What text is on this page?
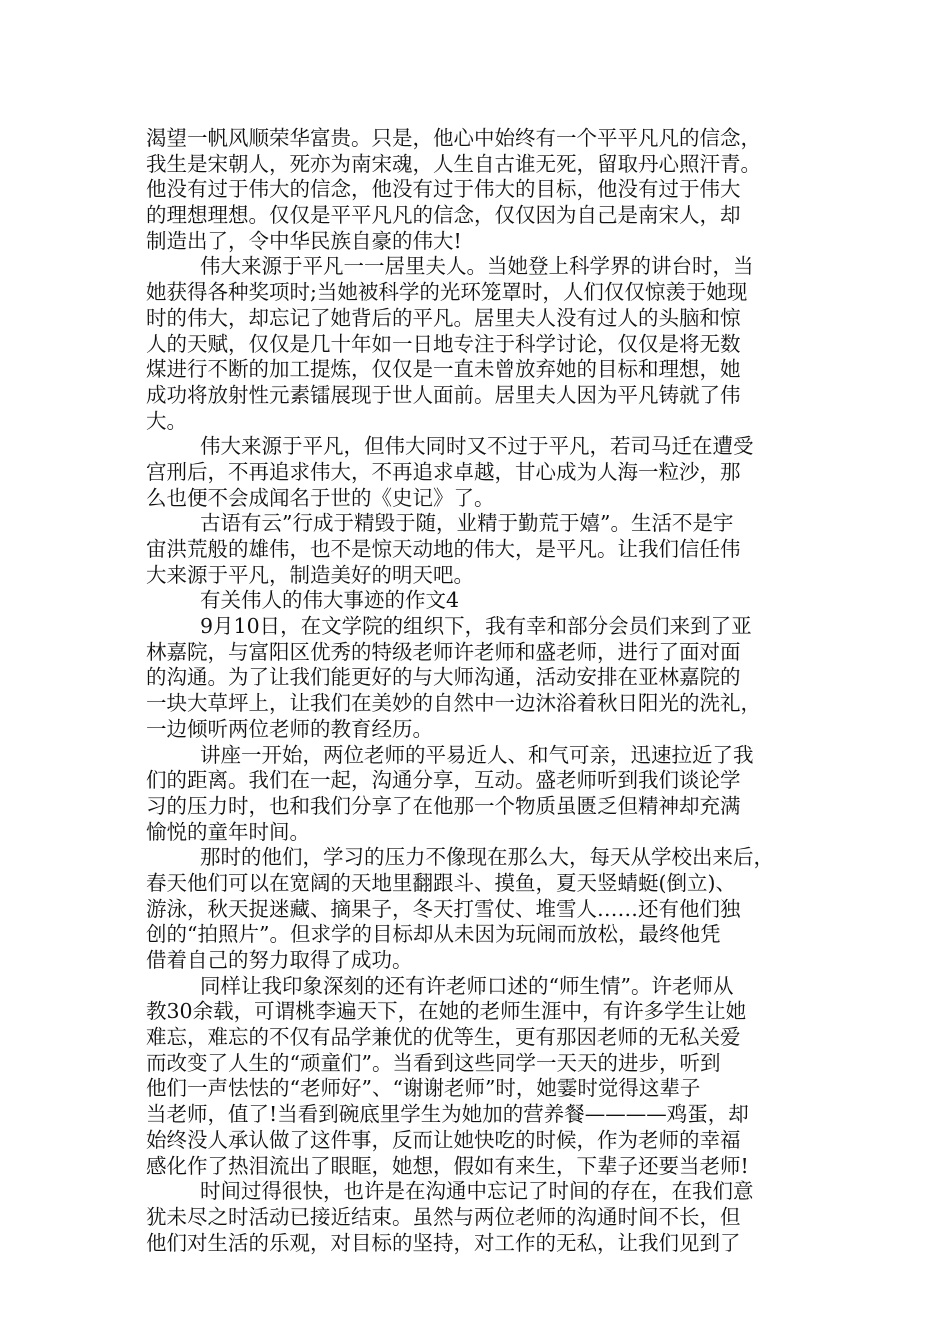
渴望一帆风顺荣华富贵。只是，他心中始终有一个平平凡凡的信念，
我生是宋朝人，死亦为南宋魂，人生自古谁无死，留取丹心照汗青。
他没有过于伟大的信念，他没有过于伟大的目标，他没有过于伟大
的理想理想。仅仅是平平凡凡的信念，仅仅因为自己是南宋人，却
制造出了，令中华民族自豪的伟大!
伟大来源于平凡一一居里夫人。当她登上科学界的讲台时，当
她获得各种奖项时;当她被科学的光环笼罩时，人们仅仅惊羡于她现
时的伟大，却忘记了她背后的平凡。居里夫人没有过人的头脑和惊
人的天赋，仅仅是几十年如一日地专注于科学讨论，仅仅是将无数
煤进行不断的加工提炼，仅仅是一直未曾放弃她的目标和理想，她
成功将放射性元素镭展现于世人面前。居里夫人因为平凡铸就了伟
大。
伟大来源于平凡，但伟大同时又不过于平凡，若司马迁在遭受
宫刑后，不再追求伟大，不再追求卓越，甘心成为人海一粒沙，那
么也便不会成闻名于世的《史记》了。
古语有云”行成于精毁于随，业精于勤荒于嬉”。生活不是宇
宙洪荒般的雄伟，也不是惊天动地的伟大，是平凡。让我们信任伟
大来源于平凡，制造美好的明天吧。
有关伟人的伟大事迹的作文4
9月10日，在文学院的组织下，我有幸和部分会员们来到了亚
林嘉院，与富阳区优秀的特级老师许老师和盛老师，进行了面对面
的沟通。为了让我们能更好的与大师沟通，活动安排在亚林嘉院的
一块大草坪上，让我们在美妙的自然中一边沐浴着秋日阳光的洗礼，
一边倾听两位老师的教育经历。
讲座一开始，两位老师的平易近人、和气可亲，迅速拉近了我
们的距离。我们在一起，沟通分享，互动。盛老师听到我们谈论学
习的压力时，也和我们分享了在他那一个物质虽匮乏但精神却充满
愉悦的童年时间。
那时的他们，学习的压力不像现在那么大，每天从学校出来后，
春天他们可以在宽阔的天地里翻跟斗、摸鱼，夏天竖蜻蜓(倒立)、
游泳，秋天捉迷藏、摘果子，冬天打雪仗、堆雪人……还有他们独
创的“拍照片”。但求学的目标却从未因为玩闹而放松，最终他凭
借着自己的努力取得了成功。
同样让我印象深刻的还有许老师口述的“师生情”。许老师从
教30余载，可谓桃李遍天下，在她的老师生涯中，有许多学生让她
难忘，难忘的不仅有品学兼优的优等生，更有那因老师的无私关爱
而改变了人生的“顽童们”。当看到这些同学一天天的进步，听到
他们一声怯怯的“老师好”、“谢谢老师”时，她霎时觉得这辈子
当老师，值了!当看到碗底里学生为她加的营养餐————鸡蛋，却
始终没人承认做了这件事，反而让她快吃的时候，作为老师的幸福
感化作了热泪流出了眼眶，她想，假如有来生，下辈子还要当老师!
时间过得很快，也许是在沟通中忘记了时间的存在，在我们意
犹未尽之时活动已接近结束。虽然与两位老师的沟通时间不长，但
他们对生活的乐观，对目标的坚持，对工作的无私，让我们见到了
